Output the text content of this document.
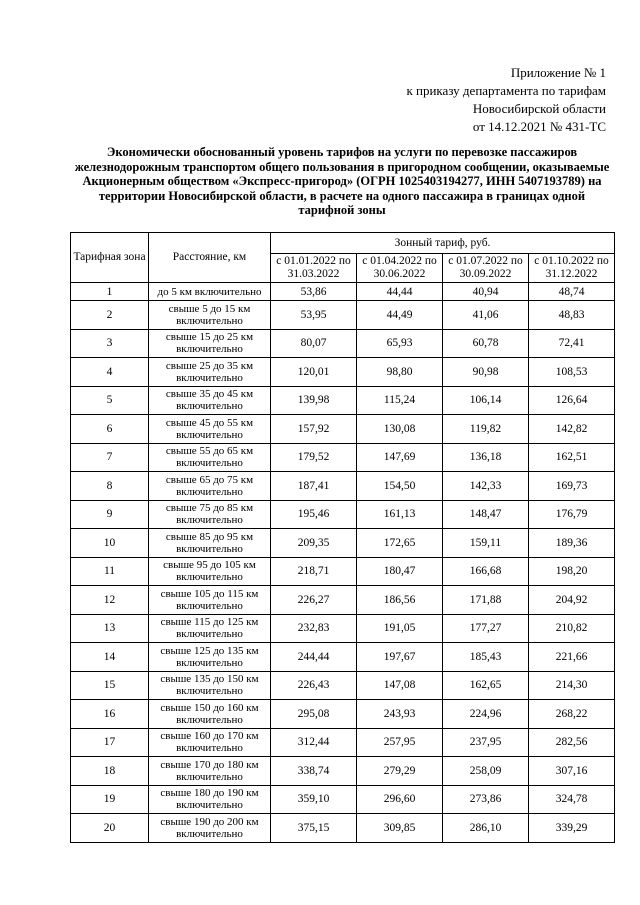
Приложение № 1
к приказу департамента по тарифам
Новосибирской области
от 14.12.2021 № 431-ТС
Экономически обоснованный уровень тарифов на услуги по перевозке пассажиров железнодорожным транспортом общего пользования в пригородном сообщении, оказываемые Акционерным обществом «Экспресс-пригород» (ОГРН 1025403194277, ИНН 5407193789) на территории Новосибирской области, в расчете на одного пассажира в границах одной тарифной зоны
Тарифная зона	Расстояние, км	Зонный тариф, руб.			
		с 01.01.2022 по 31.03.2022	с 01.04.2022 по 30.06.2022	с 01.07.2022 по 30.09.2022	с 01.10.2022 по 31.12.2022
1	до 5 км включительно	53,86	44,44	40,94	48,74
2	свыше 5 до 15 км включительно	53,95	44,49	41,06	48,83
3	свыше 15 до 25 км включительно	80,07	65,93	60,78	72,41
4	свыше 25 до 35 км включительно	120,01	98,80	90,98	108,53
5	свыше 35 до 45 км включительно	139,98	115,24	106,14	126,64
6	свыше 45 до 55 км включительно	157,92	130,08	119,82	142,82
7	свыше 55 до 65 км включительно	179,52	147,69	136,18	162,51
8	свыше 65 до 75 км включительно	187,41	154,50	142,33	169,73
9	свыше 75 до 85 км включительно	195,46	161,13	148,47	176,79
10	свыше 85 до 95 км включительно	209,35	172,65	159,11	189,36
11	свыше 95 до 105 км включительно	218,71	180,47	166,68	198,20
12	свыше 105 до 115 км включительно	226,27	186,56	171,88	204,92
13	свыше 115 до 125 км включительно	232,83	191,05	177,27	210,82
14	свыше 125 до 135 км включительно	244,44	197,67	185,43	221,66
15	свыше 135 до 150 км включительно	226,43	147,08	162,65	214,30
16	свыше 150 до 160 км включительно	295,08	243,93	224,96	268,22
17	свыше 160 до 170 км включительно	312,44	257,95	237,95	282,56
18	свыше 170 до 180 км включительно	338,74	279,29	258,09	307,16
19	свыше 180 до 190 км включительно	359,10	296,60	273,86	324,78
20	свыше 190 до 200 км включительно	375,15	309,85	286,10	339,29
